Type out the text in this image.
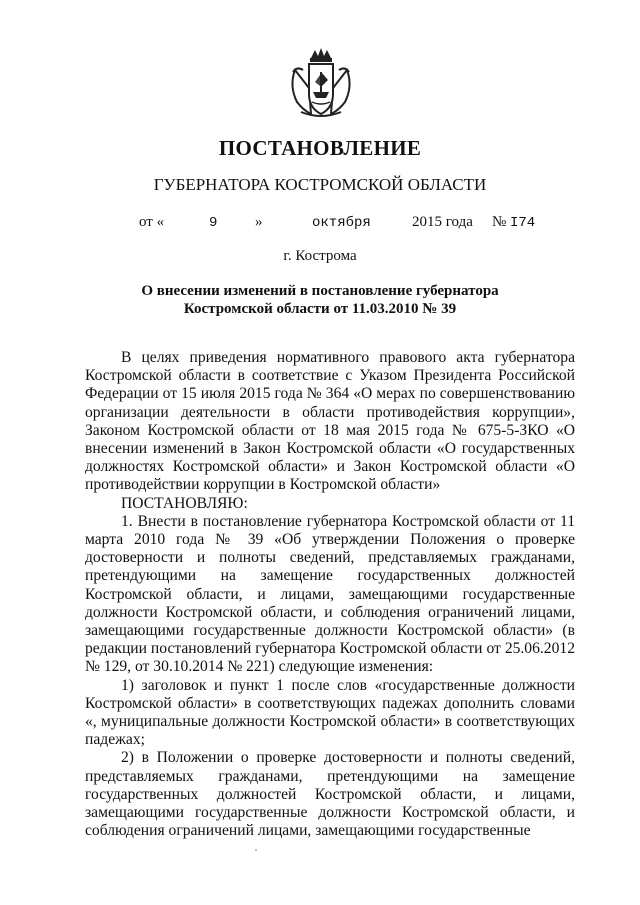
ПОСТАНОВЛЕНИЕ
ГУБЕРНАТОРА КОСТРОМСКОЙ ОБЛАСТИ
от «	9	»	октября	2015 года № I74
г. Кострома
О внесении изменений в постановление губернатора
Костромской области от 11.03.2010 № 39

В целях приведения нормативного правового акта губернатора Костромской области в соответствие с Указом Президента Российской Федерации от 15 июля 2015 года № 364 «О мерах по совершенствованию организации деятельности в области противодействия коррупции», Законом Костромской области от 18 мая 2015 года № 675-5-ЗКО «О внесении изменений в Закон Костромской области «О государственных должностях Костромской области» и Закон Костромской области «О противодействии коррупции в Костромской области»

ПОСТАНОВЛЯЮ:

1. Внести в постановление губернатора Костромской области от 11 марта 2010 года № 39 «Об утверждении Положения о проверке достоверности и полноты сведений, представляемых гражданами, претендующими на замещение государственных должностей Костромской области, и лицами, замещающими государственные должности Костромской области, и соблюдения ограничений лицами, замещающими государственные должности Костромской области» (в редакции постановлений губернатора Костромской области от 25.06.2012 № 129, от 30.10.2014 № 221) следующие изменения:

1) заголовок и пункт 1 после слов «государственные должности Костромской области» в соответствующих падежах дополнить словами «, муниципальные должности Костромской области» в соответствующих падежах;

2) в Положении о проверке достоверности и полноты сведений, представляемых гражданами, претендующими на замещение государственных должностей Костромской области, и лицами, замещающими государственные должности Костромской области, и соблюдения ограничений лицами, замещающими государственные
